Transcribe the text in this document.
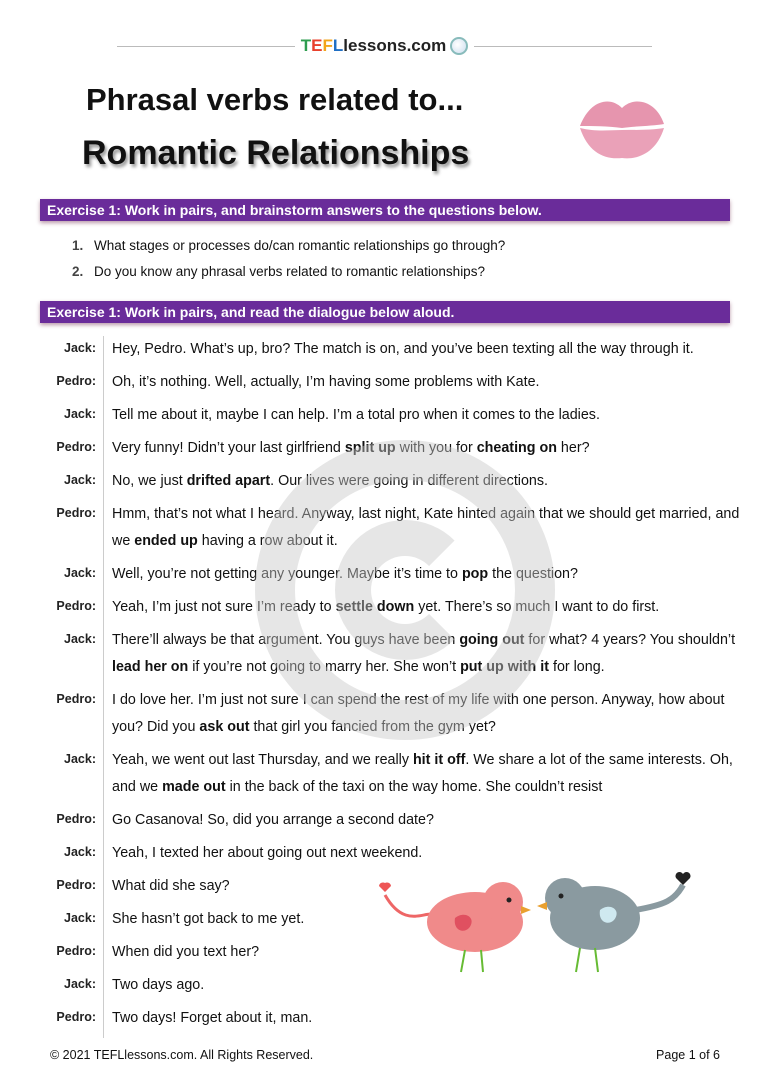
TEFLlessons.com
Phrasal verbs related to...
Romantic Relationships
Exercise 1: Work in pairs, and brainstorm answers to the questions below.
1. What stages or processes do/can romantic relationships go through?
2. Do you know any phrasal verbs related to romantic relationships?
Exercise 1: Work in pairs, and read the dialogue below aloud.
Jack:	Hey, Pedro. What’s up, bro? The match is on, and you’ve been texting all the way through it.
Pedro:	Oh, it’s nothing. Well, actually, I’m having some problems with Kate.
Jack:	Tell me about it, maybe I can help. I’m a total pro when it comes to the ladies.
Pedro:	Very funny! Didn’t your last girlfriend split up with you for cheating on her?
Jack:	No, we just drifted apart. Our lives were going in different directions.
Pedro:	Hmm, that’s not what I heard. Anyway, last night, Kate hinted again that we should get married, and we ended up having a row about it.
Jack:	Well, you’re not getting any younger. Maybe it’s time to pop the question?
Pedro:	Yeah, I’m just not sure I’m ready to settle down yet. There’s so much I want to do first.
Jack:	There’ll always be that argument. You guys have been going out for what? 4 years? You shouldn’t lead her on if you’re not going to marry her. She won’t put up with it for long.
Pedro:	I do love her. I’m just not sure I can spend the rest of my life with one person. Anyway, how about you? Did you ask out that girl you fancied from the gym yet?
Jack:	Yeah, we went out last Thursday, and we really hit it off. We share a lot of the same interests. Oh, and we made out in the back of the taxi on the way home. She couldn’t resist
Pedro:	Go Casanova! So, did you arrange a second date?
Jack:	Yeah, I texted her about going out next weekend.
Pedro:	What did she say?
Jack:	She hasn’t got back to me yet.
Pedro:	When did you text her?
Jack:	Two days ago.
Pedro:	Two days! Forget about it, man.
© 2021 TEFLlessons.com. All Rights Reserved.	Page 1 of 6
